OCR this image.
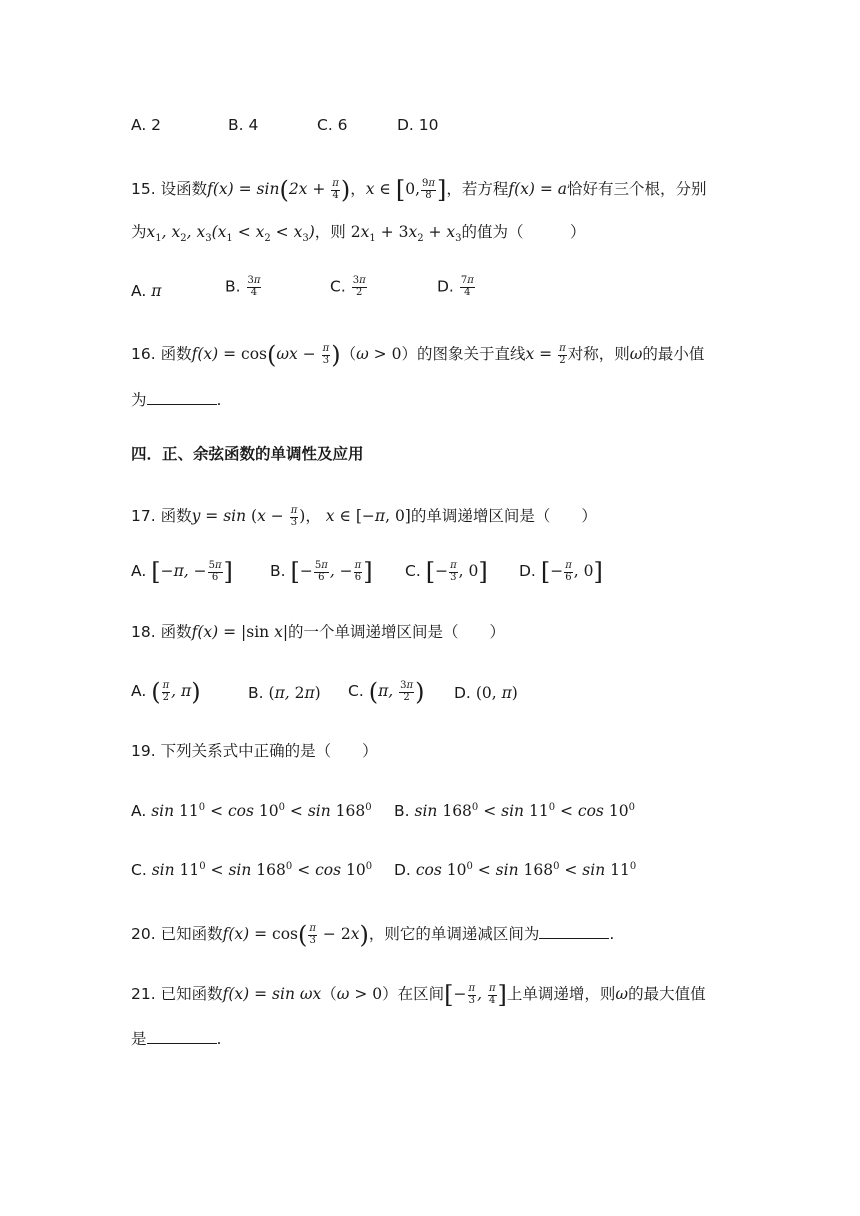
A. 2	B. 4	C. 6	D. 10
15. 设函数$f(x) = \sin(2x + \frac{\pi}{4}$ )，x ∈ [0, $\frac{9\pi}{8}$ ]，若方程f(x) = a恰好有三个根，分别
为$x_1$, $x_2$, $x_3(x_1 < x_2 < x_3)$，则 $2x_1 + 3x_2 + x_3$的值为（　　　）
A. π	B. $\frac{3\pi}{4}$	C. $\frac{3\pi}{2}$	D. $\frac{7\pi}{4}$
16. 函数$f(x) = \cos(\omega x - \frac{\pi}{3} )(\omega > 0)$的图象关于直线$x = \frac{\pi}{2}$ 对称，则ω的最小值
为	.
四．正、余弦函数的单调性及应用
17. 函数$y = \sin (x - \frac{\pi}{3}$ )， x ∈ [−π, 0]的单调递增区间是（　　）
A. [−π, − $\frac{5\pi}{6}$ ] B. [− $\frac{5\pi}{6}$ , − $\frac{\pi}{6}$ ] C. [− $\frac{\pi}{3}$ , 0] D. [− $\frac{\pi}{6}$ , 0]
18. 函数f(x) = |sin x|的一个单调递增区间是（　　）
A. ( $\frac{\pi}{2}$ , π)	B. (π, 2π) C. (π, $\frac{3\pi}{2}$ ) D. (0, π)
19. 下列关系式中正确的是（　　）
A. $\sin 11^0 < \cos 10^0 < \sin 168^0$ B. $\sin 168^0 < \sin 11^0 < \cos 10^0$
C. $\sin 11^0 < \sin 168^0 < \cos 10^0$ D. $\cos 10^0 < \sin 168^0 < \sin 11^0$
20. 已知函数$f(x) = \cos( \frac{\pi}{3} - 2x)$，则它的单调递减区间为	.
21. 已知函数f(x) = sin ωx（ω > 0）在区间[− $\frac{\pi}{3}$ , $\frac{\pi}{4}$ ]上单调递增，则ω的最大值值
是	.
